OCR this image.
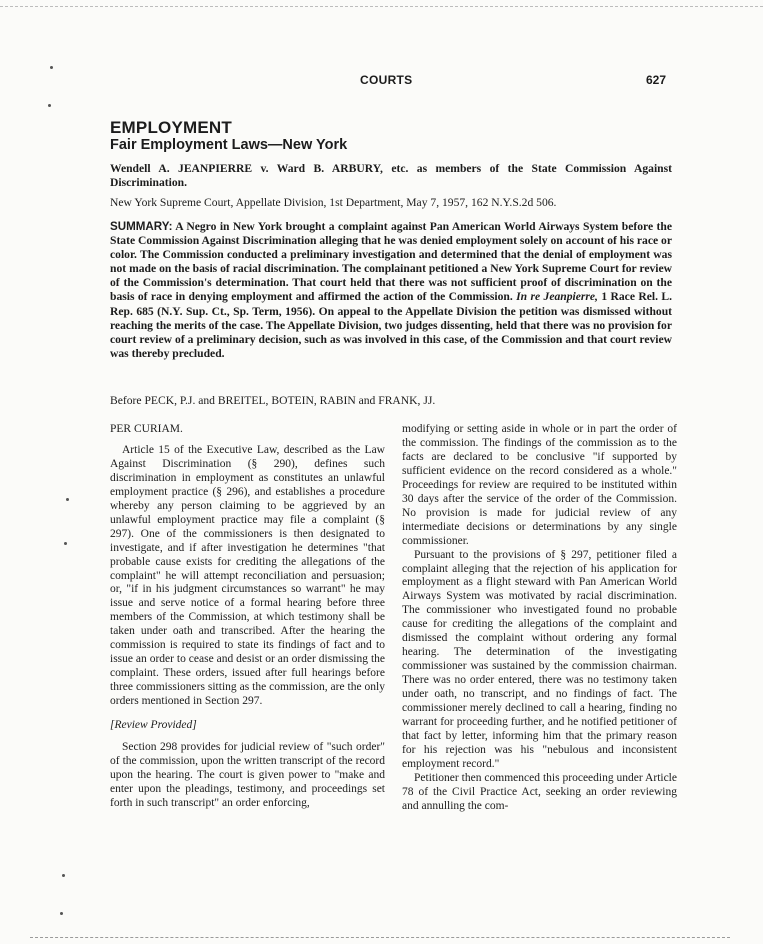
COURTS	627
EMPLOYMENT
Fair Employment Laws—New York
Wendell A. JEANPIERRE v. Ward B. ARBURY, etc. as members of the State Commission Against Discrimination.
New York Supreme Court, Appellate Division, 1st Department, May 7, 1957, 162 N.Y.S.2d 506.
SUMMARY: A Negro in New York brought a complaint against Pan American World Airways System before the State Commission Against Discrimination alleging that he was denied employment solely on account of his race or color. The Commission conducted a preliminary investigation and determined that the denial of employment was not made on the basis of racial discrimination. The complainant petitioned a New York Supreme Court for review of the Commission's determination. That court held that there was not sufficient proof of discrimination on the basis of race in denying employment and affirmed the action of the Commission. In re Jeanpierre, 1 Race Rel. L. Rep. 685 (N.Y. Sup. Ct., Sp. Term, 1956). On appeal to the Appellate Division the petition was dismissed without reaching the merits of the case. The Appellate Division, two judges dissenting, held that there was no provision for court review of a preliminary decision, such as was involved in this case, of the Commission and that court review was thereby precluded.
Before PECK, P.J. and BREITEL, BOTEIN, RABIN and FRANK, JJ.

PER CURIAM.

Article 15 of the Executive Law, described as the Law Against Discrimination (§ 290), defines such discrimination in employment as constitutes an unlawful employment practice (§ 296), and establishes a procedure whereby any person claiming to be aggrieved by an unlawful employment practice may file a complaint (§ 297). One of the commissioners is then designated to investigate, and if after investigation he determines "that probable cause exists for crediting the allegations of the complaint" he will attempt reconciliation and persuasion; or, "if in his judgment circumstances so warrant" he may issue and serve notice of a formal hearing before three members of the Commission, at which testimony shall be taken under oath and transcribed. After the hearing the commission is required to state its findings of fact and to issue an order to cease and desist or an order dismissing the complaint. These orders, issued after full hearings before three commissioners sitting as the commission, are the only orders mentioned in Section 297.

[Review Provided]

Section 298 provides for judicial review of "such order" of the commission, upon the written transcript of the record upon the hearing. The court is given power to "make and enter upon the pleadings, testimony, and proceedings set forth in such transcript" an order enforcing,

modifying or setting aside in whole or in part the order of the commission. The findings of the commission as to the facts are declared to be conclusive "if supported by sufficient evidence on the record considered as a whole." Proceedings for review are required to be instituted within 30 days after the service of the order of the Commission. No provision is made for judicial review of any intermediate decisions or determinations by any single commissioner.

Pursuant to the provisions of § 297, petitioner filed a complaint alleging that the rejection of his application for employment as a flight steward with Pan American World Airways System was motivated by racial discrimination. The commissioner who investigated found no probable cause for crediting the allegations of the complaint and dismissed the complaint without ordering any formal hearing. The determination of the investigating commissioner was sustained by the commission chairman. There was no order entered, there was no testimony taken under oath, no transcript, and no findings of fact. The commissioner merely declined to call a hearing, finding no warrant for proceeding further, and he notified petitioner of that fact by letter, informing him that the primary reason for his rejection was his "nebulous and inconsistent employment record."

Petitioner then commenced this proceeding under Article 78 of the Civil Practice Act, seeking an order reviewing and annulling the com-
